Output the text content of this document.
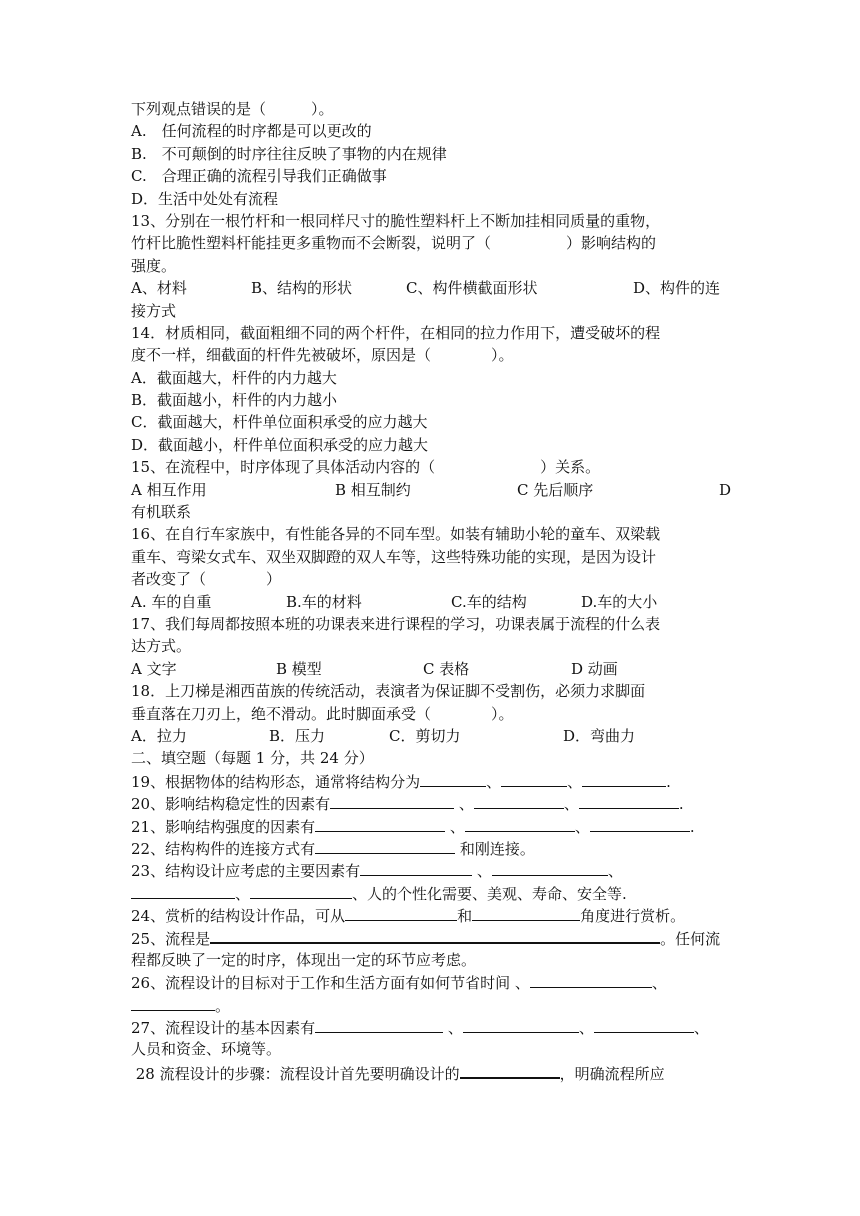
下列观点错误的是（　　　）。
A.　任何流程的时序都是可以更改的
B.　不可颠倒的时序往往反映了事物的内在规律
C.　合理正确的流程引导我们正确做事
D．生活中处处有流程
13、分别在一根竹杆和一根同样尺寸的脆性塑料杆上不断加挂相同质量的重物，
竹杆比脆性塑料杆能挂更多重物而不会断裂，说明了（　　　　　）影响结构的
强度。
A、材料	B、结构的形状	C、构件横截面形状	D、构件的连
接方式
14．材质相同，截面粗细不同的两个杆件，在相同的拉力作用下，遭受破坏的程
度不一样，细截面的杆件先被破坏，原因是（　　　　）。
A．截面越大，杆件的内力越大
B．截面越小，杆件的内力越小
C．截面越大，杆件单位面积承受的应力越大
D．截面越小，杆件单位面积承受的应力越大
15、在流程中，时序体现了具体活动内容的（　　　　　　　）关系。
A 相互作用	B 相互制约	C 先后顺序	D
有机联系
16、在自行车家族中，有性能各异的不同车型。如装有辅助小轮的童车、双梁载
重车、弯梁女式车、双坐双脚蹬的双人车等，这些特殊功能的实现，是因为设计
者改变了（　　　　）
A. 车的自重	B.车的材料	C.车的结构	D.车的大小
17、我们每周都按照本班的功课表来进行课程的学习，功课表属于流程的什么表
达方式。
A 文字	B 模型	C 表格	D 动画
18．上刀梯是湘西苗族的传统活动，表演者为保证脚不受割伤，必须力求脚面
垂直落在刀刃上，绝不滑动。此时脚面承受（　　　　）。
A．拉力	B．压力	C．剪切力	D．弯曲力
二、填空题（每题 1 分，共 24 分）
19、根据物体的结构形态，通常将结构分为	、	、	.
20、影响结构稳定性的因素有	、	、	.
21、影响结构强度的因素有	、	、	.
22、结构构件的连接方式有	和刚连接。
23、结构设计应考虑的主要因素有	、	、
、	、人的个性化需要、美观、寿命、安全等.
24、赏析的结构设计作品，可从	和	角度进行赏析。
25、流程是	。任何流
程都反映了一定的时序，体现出一定的环节应考虑。
26、流程设计的目标对于工作和生活方面有如何节省时间 、	、
。
27、流程设计的基本因素有	、	、	、
人员和资金、环境等。
28 流程设计的步骤：流程设计首先要明确设计的	，明确流程所应
